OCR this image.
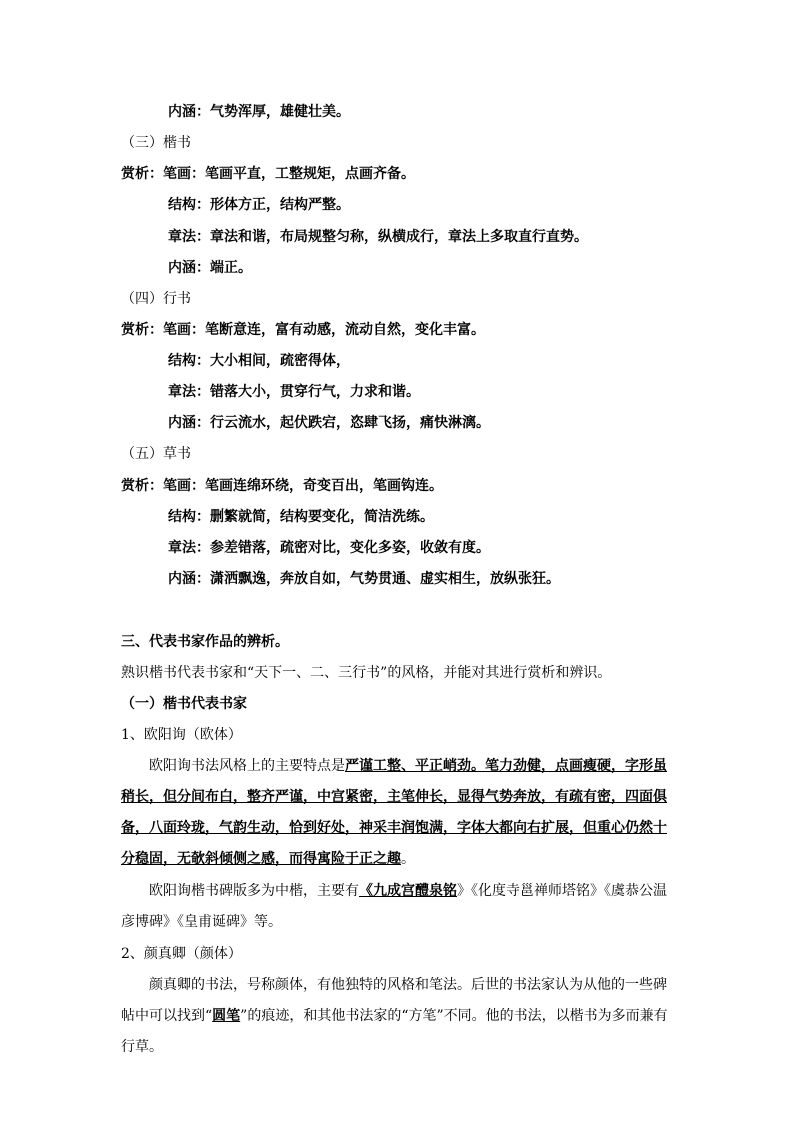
内涵：气势浑厚，雄健壮美。
（三）楷书
赏析：笔画：笔画平直，工整规矩，点画齐备。
结构：形体方正，结构严整。
章法：章法和谐，布局规整匀称，纵横成行，章法上多取直行直势。
内涵：端正。
（四）行书
赏析：笔画：笔断意连，富有动感，流动自然，变化丰富。
结构：大小相间，疏密得体，
章法：错落大小，贯穿行气，力求和谐。
内涵：行云流水，起伏跌宕，恣肆飞扬，痛快淋漓。
（五）草书
赏析：笔画：笔画连绵环绕，奇变百出，笔画钩连。
结构：删繁就简，结构要变化，简洁洗练。
章法：参差错落，疏密对比，变化多姿，收敛有度。
内涵：潇洒飘逸，奔放自如，气势贯通、虚实相生，放纵张狂。
三、代表书家作品的辨析。
熟识楷书代表书家和“天下一、二、三行书”的风格，并能对其进行赏析和辨识。
（一）楷书代表书家
1、欧阳询（欧体）
欧阳询书法风格上的主要特点是严谨工整、平正峭劲。笔力劲健，点画瘦硬，字形虽稍长，但分间布白，整齐严谨，中宫紧密，主笔伸长，显得气势奔放，有疏有密，四面俱备，八面玲珑，气韵生动，恰到好处，神采丰润饱满，字体大都向右扩展，但重心仍然十分稳固，无欹斜倾侧之感，而得寓险于正之趣。
欧阳询楷书碑版多为中楷，主要有《九成宫醴泉铭》《化度寺邕禅师塔铭》《虞恭公温彦博碑》《皇甫诞碑》等。
2、颜真卿（颜体）
颜真卿的书法，号称颜体，有他独特的风格和笔法。后世的书法家认为从他的一些碑帖中可以找到“圆笔”的痕迹，和其他书法家的“方笔”不同。他的书法，以楷书为多而兼有行草。
